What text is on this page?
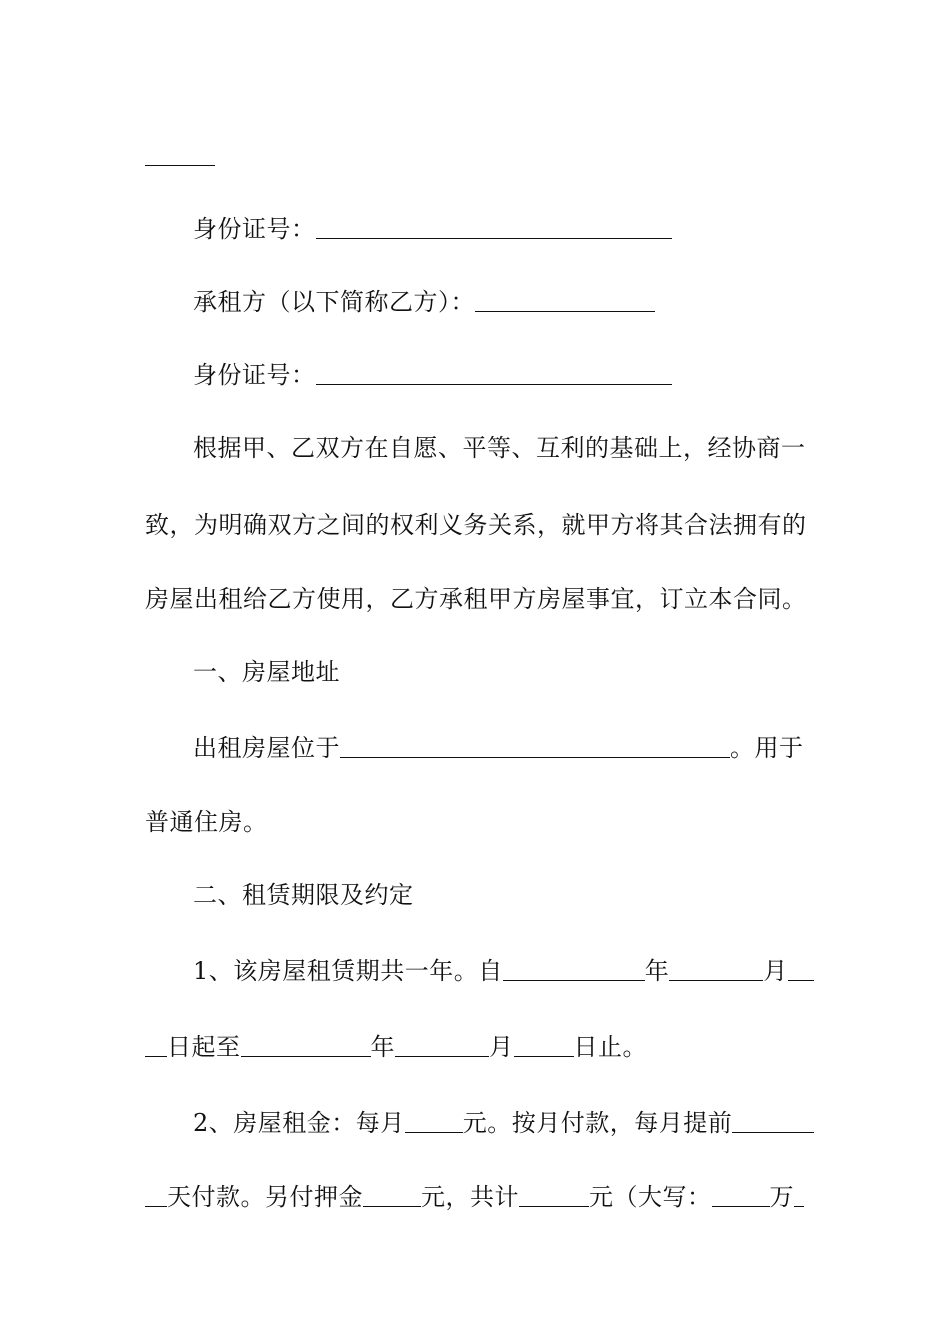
身份证号：
承租方（以下简称乙方）：
身份证号：
根据甲、乙双方在自愿、平等、互利的基础上，经协商一
致，为明确双方之间的权利义务关系，就甲方将其合法拥有的
房屋出租给乙方使用，乙方承租甲方房屋事宜，订立本合同。
一、房屋地址
出租房屋位于	。用于
普通住房。
二、租赁期限及约定
1、该房屋租赁期共一年。自	年	月
日起至	年	月	日止。
2、房屋租金：每月 元。按月付款，每月提前
天付款。另付押金 元，共计	元（大写： 万
